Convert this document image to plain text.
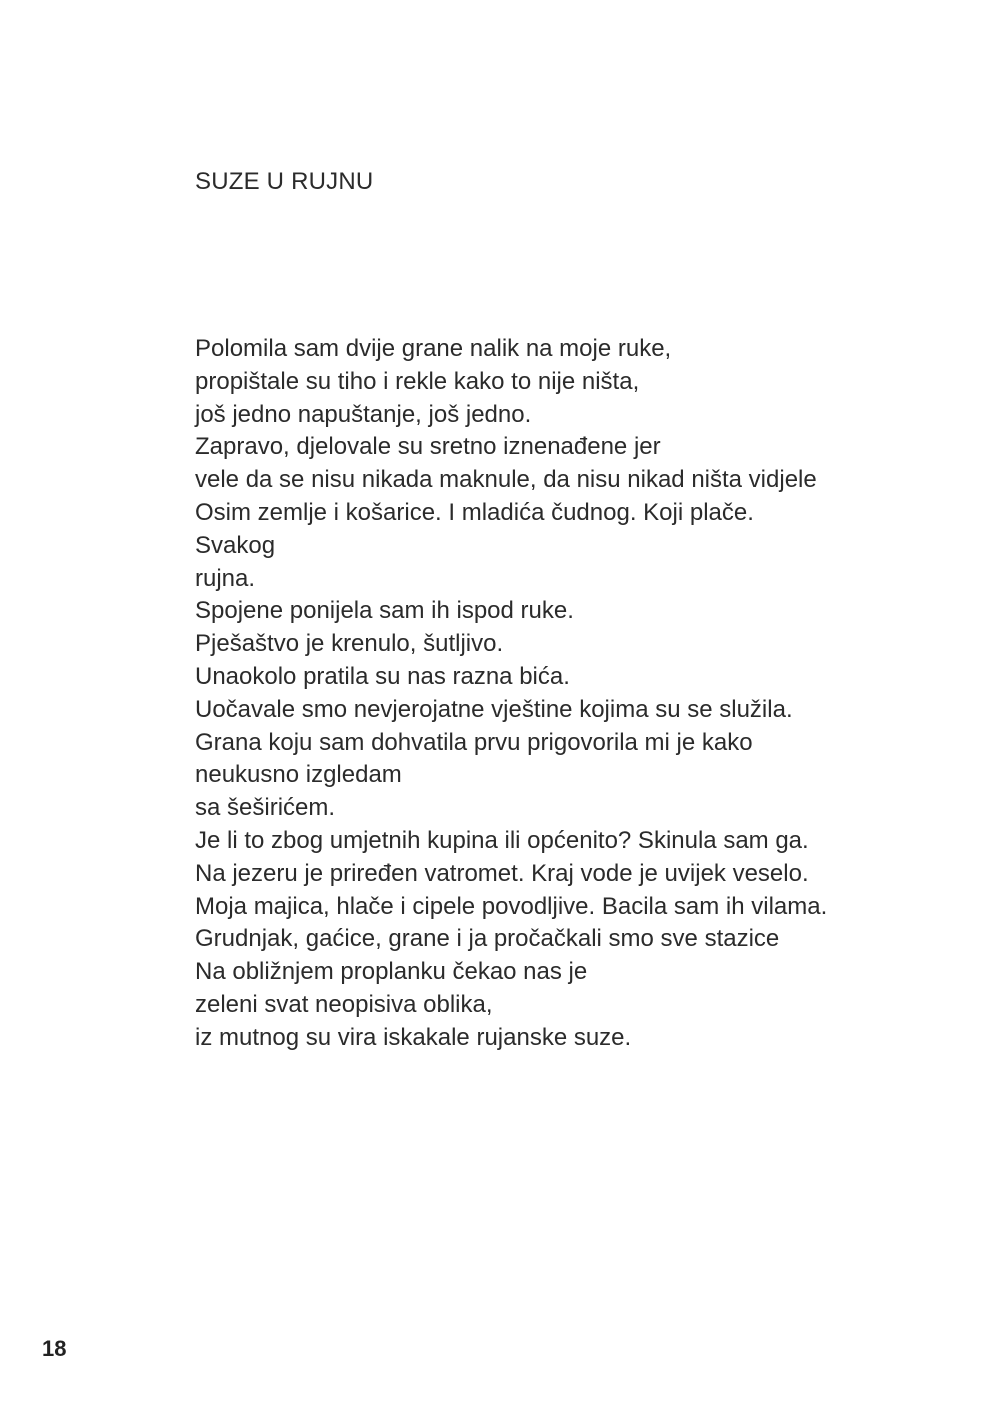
SUZE U RUJNU
Polomila sam dvije grane nalik na moje ruke,
propištale su tiho i rekle kako to nije ništa,
još jedno napuštanje, još jedno.
Zapravo, djelovale su sretno iznenađene jer
vele da se nisu nikada maknule, da nisu nikad ništa vidjele
Osim zemlje i košarice. I mladića čudnog. Koji plače.
Svakog
rujna.
Spojene ponijela sam ih ispod ruke.
Pješaštvo je krenulo, šutljivo.
Unaokolo pratila su nas razna bića.
Uočavale smo nevjerojatne vještine kojima su se služila.
Grana koju sam dohvatila prvu prigovorila mi je kako
neukusno izgledam
sa šeširićem.
Je li to zbog umjetnih kupina ili općenito? Skinula sam ga.
Na jezeru je priređen vatromet. Kraj vode je uvijek veselo.
Moja majica, hlače i cipele povodljive. Bacila sam ih vilama.
Grudnjak, gaćice, grane i ja pročačkali smo sve stazice
Na obližnjem proplanku čekao nas je
zeleni svat neopisiva oblika,
iz mutnog su vira iskakale rujanske suze.
18
